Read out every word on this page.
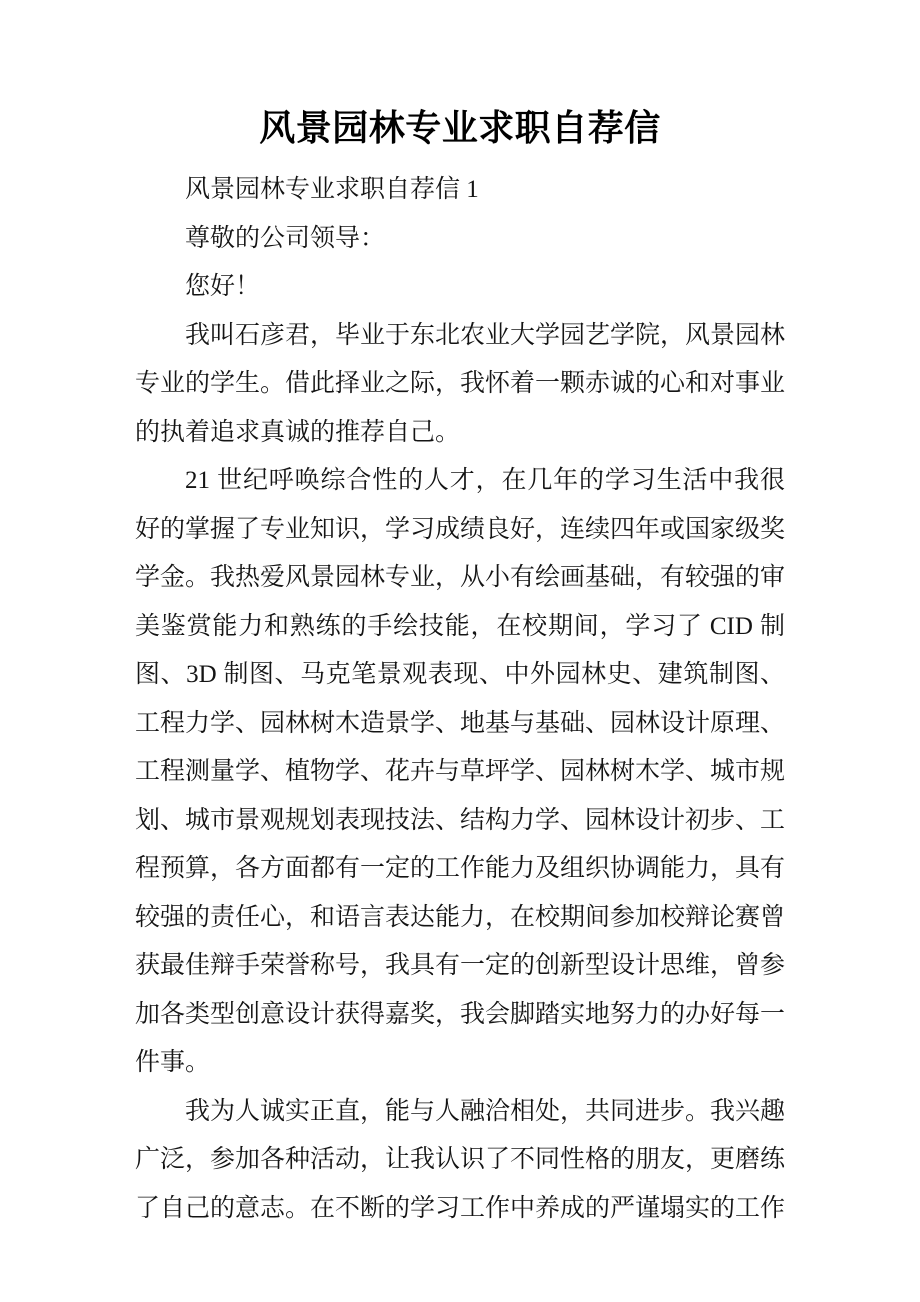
风景园林专业求职自荐信

风景园林专业求职自荐信 1

尊敬的公司领导：

您好！

我叫石彦君，毕业于东北农业大学园艺学院，风景园林专业的学生。借此择业之际，我怀着一颗赤诚的心和对事业的执着追求真诚的推荐自己。

21 世纪呼唤综合性的人才，在几年的学习生活中我很好的掌握了专业知识，学习成绩良好，连续四年或国家级奖学金。我热爱风景园林专业，从小有绘画基础，有较强的审美鉴赏能力和熟练的手绘技能，在校期间，学习了 CID 制图、3D 制图、马克笔景观表现、中外园林史、建筑制图、工程力学、园林树木造景学、地基与基础、园林设计原理、工程测量学、植物学、花卉与草坪学、园林树木学、城市规划、城市景观规划表现技法、结构力学、园林设计初步、工程预算，各方面都有一定的工作能力及组织协调能力，具有较强的责任心，和语言表达能力，在校期间参加校辩论赛曾获最佳辩手荣誉称号，我具有一定的创新型设计思维，曾参加各类型创意设计获得嘉奖，我会脚踏实地努力的办好每一件事。

我为人诚实正直，能与人融洽相处，共同进步。我兴趣广泛，参加各种活动，让我认识了不同性格的朋友，更磨练了自己的意志。在不断的学习工作中养成的严谨塌实的工作
